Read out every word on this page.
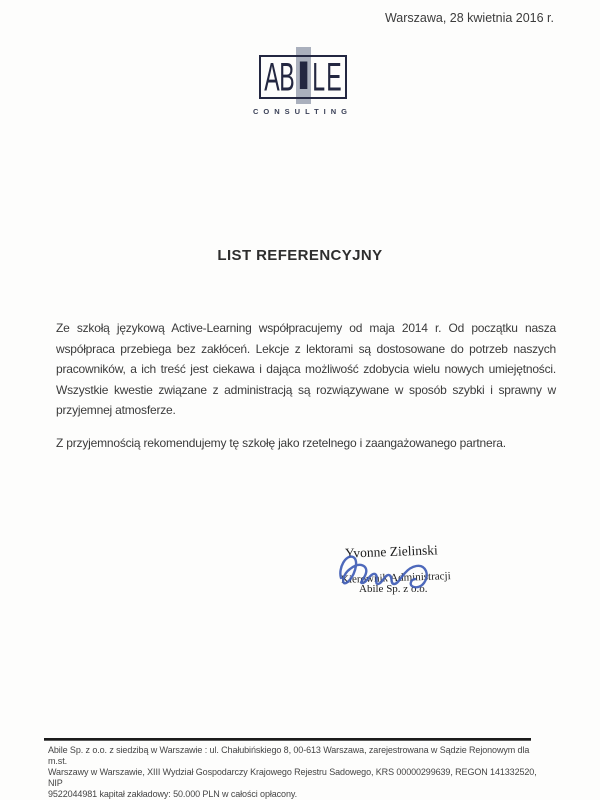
Warszawa, 28 kwietnia 2016 r.
A B L E
I
CONSULTING
LIST REFERENCYJNY

Ze szkołą językową Active-Learning współpracujemy od maja 2014 r. Od początku nasza współpraca przebiega bez zakłóceń. Lekcje z lektorami są dostosowane do potrzeb naszych pracowników, a ich treść jest ciekawa i dająca możliwość zdobycia wielu nowych umiejętności. Wszystkie kwestie związane z administracją są rozwiązywane w sposób szybki i sprawny w przyjemnej atmosferze.

Z przyjemnością rekomendujemy tę szkołę jako rzetelnego i zaangażowanego partnera.

Yvonne Zielinski
Kierownik Administracji
Abile Sp. z o.o.
Abile Sp. z o.o. z siedzibą w Warszawie : ul. Chałubińskiego 8, 00-613 Warszawa, zarejestrowana w Sądzie Rejonowym dla m.st.
Warszawy w Warszawie, XIII Wydział Gospodarczy Krajowego Rejestru Sadowego, KRS 00000299639, REGON 141332520, NIP
9522044981 kapitał zakładowy: 50.000 PLN w całości opłacony.
